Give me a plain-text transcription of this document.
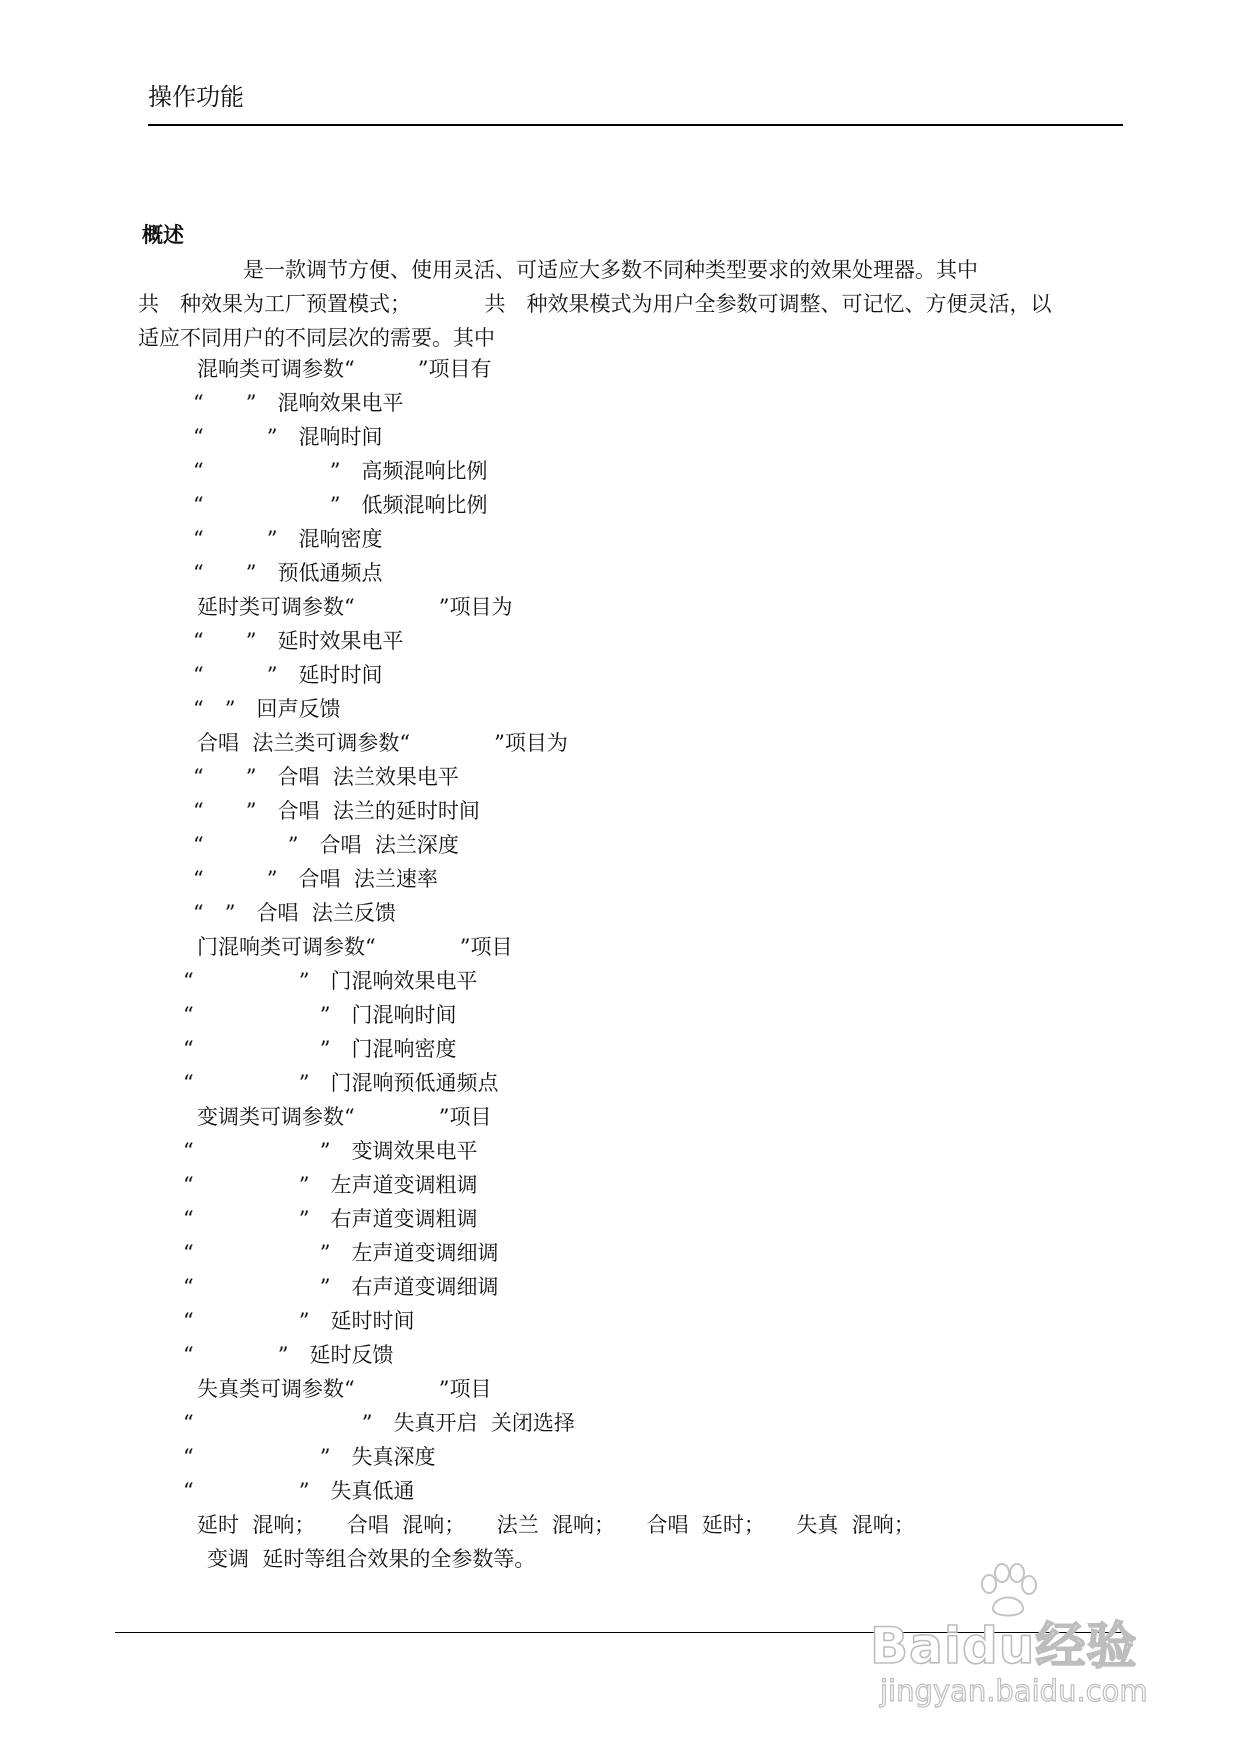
操作功能
概述
是一款调节方便、使用灵活、可适应大多数不同种类型要求的效果处理器。其中
共　种效果为工厂预置模式；　　　　共　种效果模式为用户全参数可调整、可记忆、方便灵活，以
适应不同用户的不同层次的需要。其中
混响类可调参数“　　　”项目有
“　　”　混响效果电平
“　　　”　混响时间
“　　　　　　”　高频混响比例
“　　　　　　”　低频混响比例
“　　　”　混响密度
“　　”　预低通频点
延时类可调参数“　　　　”项目为
“　　”　延时效果电平
“　　　”　延时时间
“　”　回声反馈
合唱  法兰类可调参数“　　　　”项目为
“　　”　合唱  法兰效果电平
“　　”　合唱  法兰的延时时间
“　　　　”　合唱  法兰深度
“　　　”　合唱  法兰速率
“　”　合唱  法兰反馈
门混响类可调参数“　　　　”项目
“　　　　　”　门混响效果电平
“　　　　　　”　门混响时间
“　　　　　　”　门混响密度
“　　　　　”　门混响预低通频点
变调类可调参数“　　　　”项目
“　　　　　　”　变调效果电平
“　　　　　”　左声道变调粗调
“　　　　　”　右声道变调粗调
“　　　　　　”　左声道变调细调
“　　　　　　”　右声道变调细调
“　　　　　”　延时时间
“　　　　”　延时反馈
失真类可调参数“　　　　”项目
“　　　　　　　　”　失真开启  关闭选择
“　　　　　　”　失真深度
“　　　　　”　失真低通
延时  混响；　　合唱  混响；　　法兰  混响；　　合唱  延时；　　失真  混响；
变调  延时等组合效果的全参数等。
Baidu经验
jingyan.baidu.com
